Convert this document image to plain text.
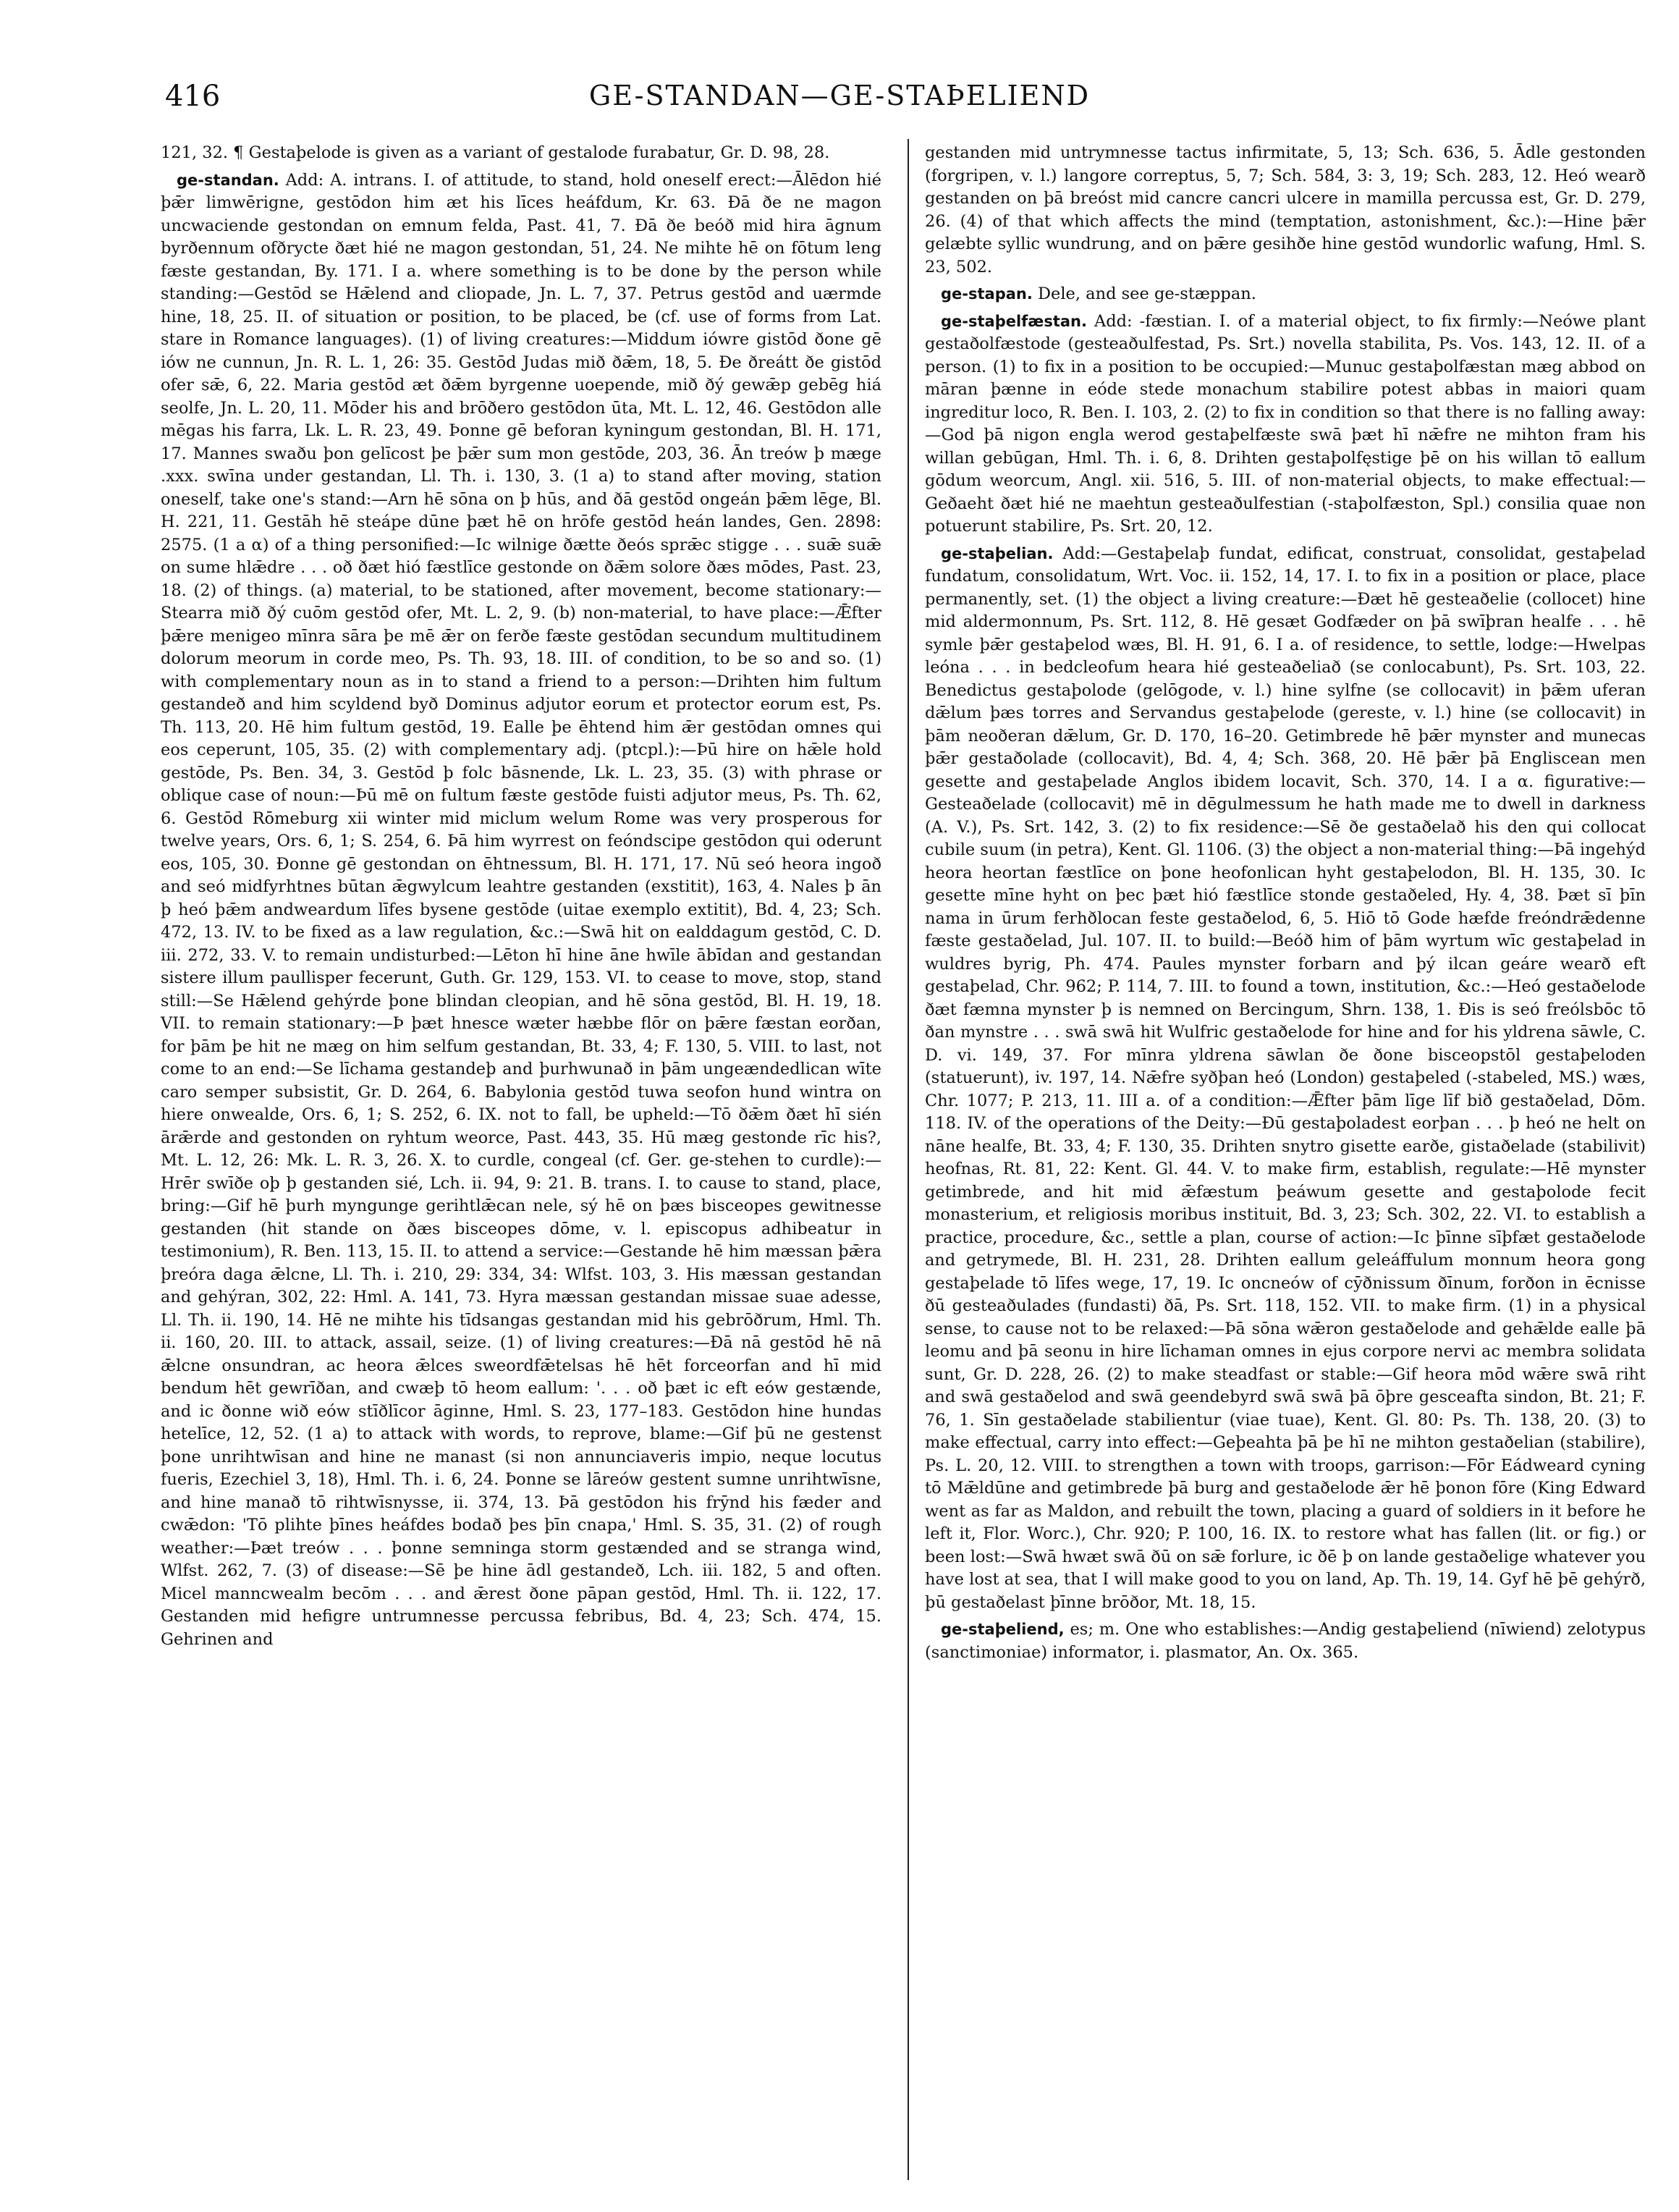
416	GE-STANDAN—GE-STAÞELIEND

121, 32. ¶ Gestaþelode is given as a variant of gestalode furabatur, Gr. D. 98, 28.

ge-standan. Add: A. intrans. I. of attitude, to stand, hold oneself erect:—Ālēdon hié þǣr limwērigne, gestōdon him æt his līces heáfdum, Kr. 63. Ðā ðe ne magon uncwaciende gestondan on emnum felda, Past. 41, 7. Ðā ðe beóð mid hira āgnum byrðennum ofðrycte ðæt hié ne magon gestondan, 51, 24. Ne mihte hē on fōtum leng fæste gestandan, By. 171. I a. where something is to be done by the person while standing:—Gestōd se Hǣlend and cliopade, Jn. L. 7, 37. Petrus gestōd and uærmde hine, 18, 25. II. of situation or position, to be placed, be (cf. use of forms from Lat. stare in Romance languages). (1) of living creatures:—Middum iówre gistōd ðone gē iów ne cunnun, Jn. R. L. 1, 26: 35. Gestōd Judas mið ðǣm, 18, 5. Ðe ðreátt ðe gistōd ofer sǣ, 6, 22. Maria gestōd æt ðǣm byrgenne uoependе, mið ðý gewǣp gebēg hiá seolfe, Jn. L. 20, 11. Mōder his and brōðero gestōdon ūta, Mt. L. 12, 46. Gestōdon alle mēgas his farra, Lk. L. R. 23, 49. Þonne gē beforan kyningum gestondan, Bl. H. 171, 17. Mannes swaðu þon gelīcost þe þǣr sum mon gestōde, 203, 36. Ān treów þ mæge .xxx. swīna under gestandan, Ll. Th. i. 130, 3. (1 a) to stand after moving, station oneself, take one's stand:—Arn hē sōna on þ hūs, and ðā gestōd ongeán þǣm lēge, Bl. H. 221, 11. Gestāh hē steápe dūne þæt hē on hrōfe gestōd heán landes, Gen. 2898: 2575. (1 a α) of a thing personified:—Ic wilnige ðætte ðeós sprǣc stigge . . . suǣ suǣ on sume hlǣdre . . . oð ðæt hió fæstlīce gestonde on ðǣm solore ðæs mōdes, Past. 23, 18. (2) of things. (a) material, to be stationed, after movement, become stationary:—Stearra mið ðý cuōm gestōd ofer, Mt. L. 2, 9. (b) non-material, to have place:—Ǣfter þǣre menigeo mīnra sāra þe mē ǣr on ferðe fæste gestōdan secundum multitudinem dolorum meorum in corde meo, Ps. Th. 93, 18. III. of condition, to be so and so. (1) with complementary noun as in to stand a friend to a person:—Drihten him fultum gestandeð and him scyldend byð Dominus adjutor eorum et protector eorum est, Ps. Th. 113, 20. Hē him fultum gestōd, 19. Ealle þe ēhtend him ǣr gestōdan omnes qui eos ceperunt, 105, 35. (2) with complementary adj. (ptcpl.):—Þū hire on hǣle hold gestōde, Ps. Ben. 34, 3. Gestōd þ folc bāsnende, Lk. L. 23, 35. (3) with phrase or oblique case of noun:—Þū mē on fultum fæste gestōde fuisti adjutor meus, Ps. Th. 62, 6. Gestōd Rōmeburg xii winter mid miclum welum Rome was very prosperous for twelve years, Ors. 6, 1; S. 254, 6. Þā him wyrrest on feóndscipe gestōdon qui oderunt eos, 105, 30. Ðonne gē gestondan on ēhtnessum, Bl. H. 171, 17. Nū seó heora ingoð and seó midfyrhtnes būtan ǣgwylcum leahtre gestanden (exstitit), 163, 4. Nales þ ān þ heó þǣm andweardum līfes bysene gestōde (uitae exemplo extitit), Bd. 4, 23; Sch. 472, 13. IV. to be fixed as a law regulation, &c.:—Swā hit on ealddagum gestōd, C. D. iii. 272, 33. V. to remain undisturbed:—Lēton hī hine āne hwīle ābīdan and gestandan sistere illum paullisper fecerunt, Guth. Gr. 129, 153. VI. to cease to move, stop, stand still:—Se Hǣlend gehýrde þone blindan cleopian, and hē sōna gestōd, Bl. H. 19, 18. VII. to remain stationary:—Þ þæt hnesce wæter hæbbe flōr on þǣre fæstan eorðan, for þām þe hit ne mæg on him selfum gestandan, Bt. 33, 4; F. 130, 5. VIII. to last, not come to an end:—Se līchama gestandeþ and þurhwunað in þām ungeændedlican wīte caro semper subsistit, Gr. D. 264, 6. Babylonia gestōd tuwa seofon hund wintra on hiere onwealde, Ors. 6, 1; S. 252, 6. IX. not to fall, be upheld:—Tō ðǣm ðæt hī sién ārǣrde and gestonden on ryhtum weorce, Past. 443, 35. Hū mæg gestonde rīc his?, Mt. L. 12, 26: Mk. L. R. 3, 26. X. to curdle, congeal (cf. Ger. ge-stehen to curdle):—Hrēr swīðe oþ þ gestanden sié, Lch. ii. 94, 9: 21. B. trans. I. to cause to stand, place, bring:—Gif hē þurh myngunge gerihtlǣcan nele, sý hē on þæs bisceopes gewitnesse gestanden (hit stande on ðæs bisceopes dōme, v. l. episcopus adhibeatur in testimonium), R. Ben. 113, 15. II. to attend a service:—Gestande hē him mæssan þǣra þreóra daga ǣlcne, Ll. Th. i. 210, 29: 334, 34: Wlfst. 103, 3. His mæssan gestandan and gehýran, 302, 22: Hml. A. 141, 73. Hyra mæssan gestandan missae suae adesse, Ll. Th. ii. 190, 14. Hē ne mihte his tīdsangas gestandan mid his gebrōðrum, Hml. Th. ii. 160, 20. III. to attack, assail, seize. (1) of living creatures:—Ðā nā gestōd hē nā ǣlcne onsundran, ac heora ǣlces sweordfǣtelsas hē hēt forceorfan and hī mid bendum hēt gewrīðan, and cwæþ tō heom eallum: '. . . oð þæt ic eft eów gestænde, and ic ðonne wið eów stīðlīcor āginne, Hml. S. 23, 177–183. Gestōdon hine hundas hetelīce, 12, 52. (1 a) to attack with words, to reprove, blame:—Gif þū ne gestenst þone unrihtwīsan and hine ne manast (si non annunciaveris impio, neque locutus fueris, Ezechiel 3, 18), Hml. Th. i. 6, 24. Þonne se lāreów gestent sumne unrihtwīsne, and hine manað tō rihtwīsnysse, ii. 374, 13. Þā gestōdon his frȳnd his fæder and cwǣdon: 'Tō plihte þīnes heáfdes bodað þes þīn cnapa,' Hml. S. 35, 31. (2) of rough weather:—Þæt treów . . . þonne semninga storm gestænded and se stranga wind, Wlfst. 262, 7. (3) of disease:—Sē þe hine ādl gestandeð, Lch. iii. 182, 5 and often. Micel manncwealm becōm . . . and ǣrest ðone pāpan gestōd, Hml. Th. ii. 122, 17. Gestanden mid hefigre untrumnesse percussa febribus, Bd. 4, 23; Sch. 474, 15. Gehrinen and

gestanden mid untrymnesse tactus infirmitate, 5, 13; Sch. 636, 5. Ādle gestonden (forgripen, v. l.) langore correptus, 5, 7; Sch. 584, 3: 3, 19; Sch. 283, 12. Heó wearð gestanden on þā breóst mid cancre cancri ulcere in mamilla percussa est, Gr. D. 279, 26. (4) of that which affects the mind (temptation, astonishment, &c.):—Hine þǣr gelæbte syllic wundrung, and on þǣre gesihðe hine gestōd wundorlic wafung, Hml. S. 23, 502.

ge-stapan. Dele, and see ge-stæppan.

ge-staþelfæstan. Add: -fæstian. I. of a material object, to fix firmly:—Neówe plant gestaðolfæstode (gesteaðulfestad, Ps. Srt.) novella stabilita, Ps. Vos. 143, 12. II. of a person. (1) to fix in a position to be occupied:—Munuc gestaþolfæstan mæg abbod on māran þænne in eóde stede monachum stabilire potest abbas in maiori quam ingreditur loco, R. Ben. I. 103, 2. (2) to fix in condition so that there is no falling away:—God þā nigon engla werod gestaþelfæste swā þæt hī nǣfre ne mihton fram his willan gebūgan, Hml. Th. i. 6, 8. Drihten gestaþolfęstige þē on his willan tō eallum gōdum weorcum, Angl. xii. 516, 5. III. of non-material objects, to make effectual:—Geðaeht ðæt hié ne maehtun gesteaðulfestian (-staþolfæston, Spl.) consilia quae non potuerunt stabilire, Ps. Srt. 20, 12.

ge-staþelian. Add:—Gestaþelaþ fundat, edificat, construat, consolidat, gestaþelad fundatum, consolidatum, Wrt. Voc. ii. 152, 14, 17. I. to fix in a position or place, place permanently, set. (1) the object a living creature:—Ðæt hē gesteaðelie (collocet) hine mid aldermonnum, Ps. Srt. 112, 8. Hē gesæt Godfæder on þā swīþran healfe . . . hē symle þǣr gestaþelod wæs, Bl. H. 91, 6. I a. of residence, to settle, lodge:—Hwelpas leóna . . . in bedcleofum heara hié gesteaðeliað (se conlocabunt), Ps. Srt. 103, 22. Benedictus gestaþolode (gelōgode, v. l.) hine sylfne (se collocavit) in þǣm uferan dǣlum þæs torres and Servandus gestaþelode (gereste, v. l.) hine (se collocavit) in þām neoðeran dǣlum, Gr. D. 170, 16–20. Getimbrede hē þǣr mynster and munecas þǣr gestaðolade (collocavit), Bd. 4, 4; Sch. 368, 20. Hē þǣr þā Engliscean men gesette and gestaþelade Anglos ibidem locavit, Sch. 370, 14. I a α. figurative:—Gesteaðelade (collocavit) mē in dēgulmessum he hath made me to dwell in darkness (A. V.), Ps. Srt. 142, 3. (2) to fix residence:—Sē ðe gestaðelað his den qui collocat cubile suum (in petra), Kent. Gl. 1106. (3) the object a non-material thing:—Þā ingehýd heora heortan fæstlīce on þone heofonlican hyht gestaþelodon, Bl. H. 135, 30. Ic gesette mīne hyht on þec þæt hió fæstlīce stonde gestaðeled, Hy. 4, 38. Þæt sī þīn nama in ūrum ferhðlocan feste gestaðelod, 6, 5. Hiō tō Gode hæfde freóndrǣdenne fæste gestaðelad, Jul. 107. II. to build:—Beóð him of þām wyrtum wīc gestaþelad in wuldres byrig, Ph. 474. Paules mynster forbarn and þý ilcan geáre wearð eft gestaþelad, Chr. 962; P. 114, 7. III. to found a town, institution, &c.:—Heó gestaðelode ðæt fæmna mynster þ is nemned on Bercingum, Shrn. 138, 1. Ðis is seó freólsbōc tō ðan mynstre . . . swā swā hit Wulfric gestaðelode for hine and for his yldrena sāwle, C. D. vi. 149, 37. For mīnra yldrena sāwlan ðe ðone bisceopstōl gestaþeloden (statuerunt), iv. 197, 14. Nǣfre syðþan heó (London) gestaþeled (-stabeled, MS.) wæs, Chr. 1077; P. 213, 11. III a. of a condition:—Ǣfter þām līge līf bið gestaðelad, Dōm. 118. IV. of the operations of the Deity:—Ðū gestaþoladest eorþan . . . þ heó ne helt on nāne healfe, Bt. 33, 4; F. 130, 35. Drihten snytro gisette earðe, gistaðelade (stabilivit) heofnas, Rt. 81, 22: Kent. Gl. 44. V. to make firm, establish, regulate:—Hē mynster getimbrede, and hit mid ǣfæstum þeáwum gesette and gestaþolode fecit monasterium, et religiosis moribus instituit, Bd. 3, 23; Sch. 302, 22. VI. to establish a practice, procedure, &c., settle a plan, course of action:—Ic þīnne sīþfæt gestaðelode and getrymede, Bl. H. 231, 28. Drihten eallum geleáffulum monnum heora gong gestaþelade tō līfes wege, 17, 19. Ic oncneów of cȳðnissum ðīnum, forðon in ēcnisse ðū gesteaðulades (fundasti) ðā, Ps. Srt. 118, 152. VII. to make firm. (1) in a physical sense, to cause not to be relaxed:—Þā sōna wǣron gestaðelode and gehǣlde ealle þā leomu and þā seonu in hire līchaman omnes in ejus corpore nervi ac membra solidata sunt, Gr. D. 228, 26. (2) to make steadfast or stable:—Gif heora mōd wǣre swā riht and swā gestaðelod and swā geendebyrd swā swā þā ōþre gesceafta sindon, Bt. 21; F. 76, 1. Sīn gestaðelade stabilientur (viae tuae), Kent. Gl. 80: Ps. Th. 138, 20. (3) to make effectual, carry into effect:—Geþeahta þā þe hī ne mihton gestaðelian (stabilire), Ps. L. 20, 12. VIII. to strengthen a town with troops, garrison:—Fōr Eádweard cyning tō Mǣldūne and getimbrede þā burg and gestaðelode ǣr hē þonon fōre (King Edward went as far as Maldon, and rebuilt the town, placing a guard of soldiers in it before he left it, Flor. Worc.), Chr. 920; P. 100, 16. IX. to restore what has fallen (lit. or fig.) or been lost:—Swā hwæt swā ðū on sǣ forlure, ic ðē þ on lande gestaðelige whatever you have lost at sea, that I will make good to you on land, Ap. Th. 19, 14. Gyf hē þē gehýrð, þū gestaðelast þīnne brōðor, Mt. 18, 15.

ge-staþeliend, es; m. One who establishes:—Andig gestaþeliend (nīwiend) zelotypus (sanctimoniae) informator, i. plasmator, An. Ox. 365.
